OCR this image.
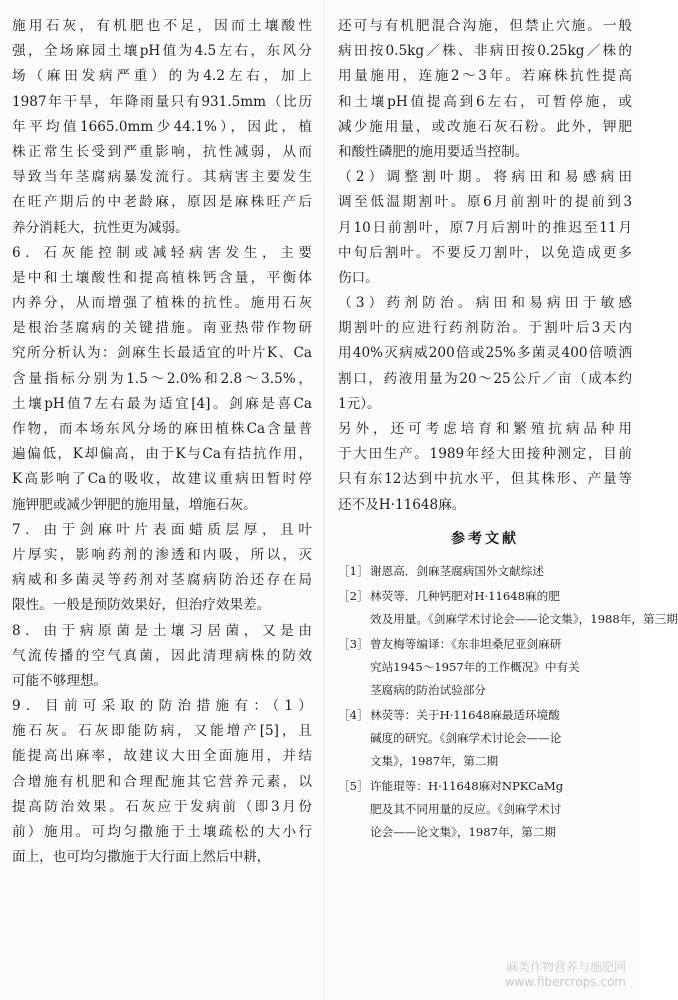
施用石灰，有机肥也不足，因而土壤酸性
强，全场麻园土壤pH值为4.5左右，东风分
场（麻田发病严重）的为4.2左右，加上
1987年干旱，年降雨量只有931.5mm（比历
年平均值1665.0mm少44.1%），因此，植
株正常生长受到严重影响，抗性减弱，从而
导致当年茎腐病暴发流行。其病害主要发生
在旺产期后的中老龄麻，原因是麻株旺产后
养分消耗大，抗性更为减弱。
6．石灰能控制或减轻病害发生，主要
是中和土壤酸性和提高植株钙含量，平衡体
内养分，从而增强了植株的抗性。施用石灰
是根治茎腐病的关键措施。南亚热带作物研
究所分析认为：剑麻生长最适宜的叶片K、Ca
含量指标分别为1.5～2.0%和2.8～3.5%，
土壤pH值7左右最为适宜[4]。剑麻是喜Ca
作物，而本场东风分场的麻田植株Ca含量普
遍偏低，K却偏高，由于K与Ca有拮抗作用，
K高影响了Ca的吸收，故建议重病田暂时停
施钾肥或减少钾肥的施用量，増施石灰。
7．由于剑麻叶片表面蜡质层厚，且叶
片厚实，影响药剂的渗透和内吸，所以，灭
病威和多菌灵等药剂对茎腐病防治还存在局
限性。一般是预防效果好，但治疗效果差。
8．由于病原菌是土壤习居菌，又是由
气流传播的空气真菌，因此清理病株的防效
可能不够理想。
9．目前可采取的防治措施有：（1）
施石灰。石灰即能防病，又能增产[5]，且
能提高出麻率，故建议大田全面施用，并结
合增施有机肥和合理配施其它营养元素，以
提高防治效果。石灰应于发病前（即3月份
前）施用。可均匀撒施于土壤疏松的大小行
面上，也可均匀撒施于大行面上然后中耕，
还可与有机肥混合沟施，但禁止穴施。一般
病田按0.5kg／株、非病田按0.25kg／株的
用量施用，连施2～3年。若麻株抗性提高
和土壤pH值提高到6左右，可暂停施，或
减少施用量，或改施石灰石粉。此外，钾肥
和酸性磷肥的施用要适当控制。
（2）调整割叶期。将病田和易感病田
调至低温期割叶。原6月前割叶的提前到3
月10日前割叶，原7月后割叶的推迟至11月
中旬后割叶。不要反刀割叶，以免造成更多
伤口。
（3）药剂防治。病田和易病田于敏感
期割叶的应进行药剂防治。于割叶后3天内
用40%灭病威200倍或25%多菌灵400倍喷洒
割口，药液用量为20～25公斤／亩（成本约
1元）。
另外，还可考虑培育和繁殖抗病品种用
于大田生产。1989年经大田接种测定，目前
只有东12达到中抗水平，但其株形、产量等
还不及H·11648麻。
参考文献
［1］ 谢恩高．剑麻茎腐病国外文献综述
［2］ 林荧等．几种钙肥对H·11648麻的肥
效及用量。《剑麻学术讨论会——论文集》，1988年，第三期
［3］ 曾友梅等编译：《东非坦桑尼亚剑麻研
究站1945～1957年的工作概况》中有关
茎腐病的防治试验部分
［4］ 林荧等：关于H·11648麻最适环境酸
碱度的研究。《剑麻学术讨论会——论
文集》，1987年，第二期
［5］ 许能琨等：H·11648麻对NPKCaMg
肥及其不同用量的反应。《剑麻学术讨
论会——论文集》，1987年，第二期
麻类作物营养与施肥网
www.fibercrops.com
